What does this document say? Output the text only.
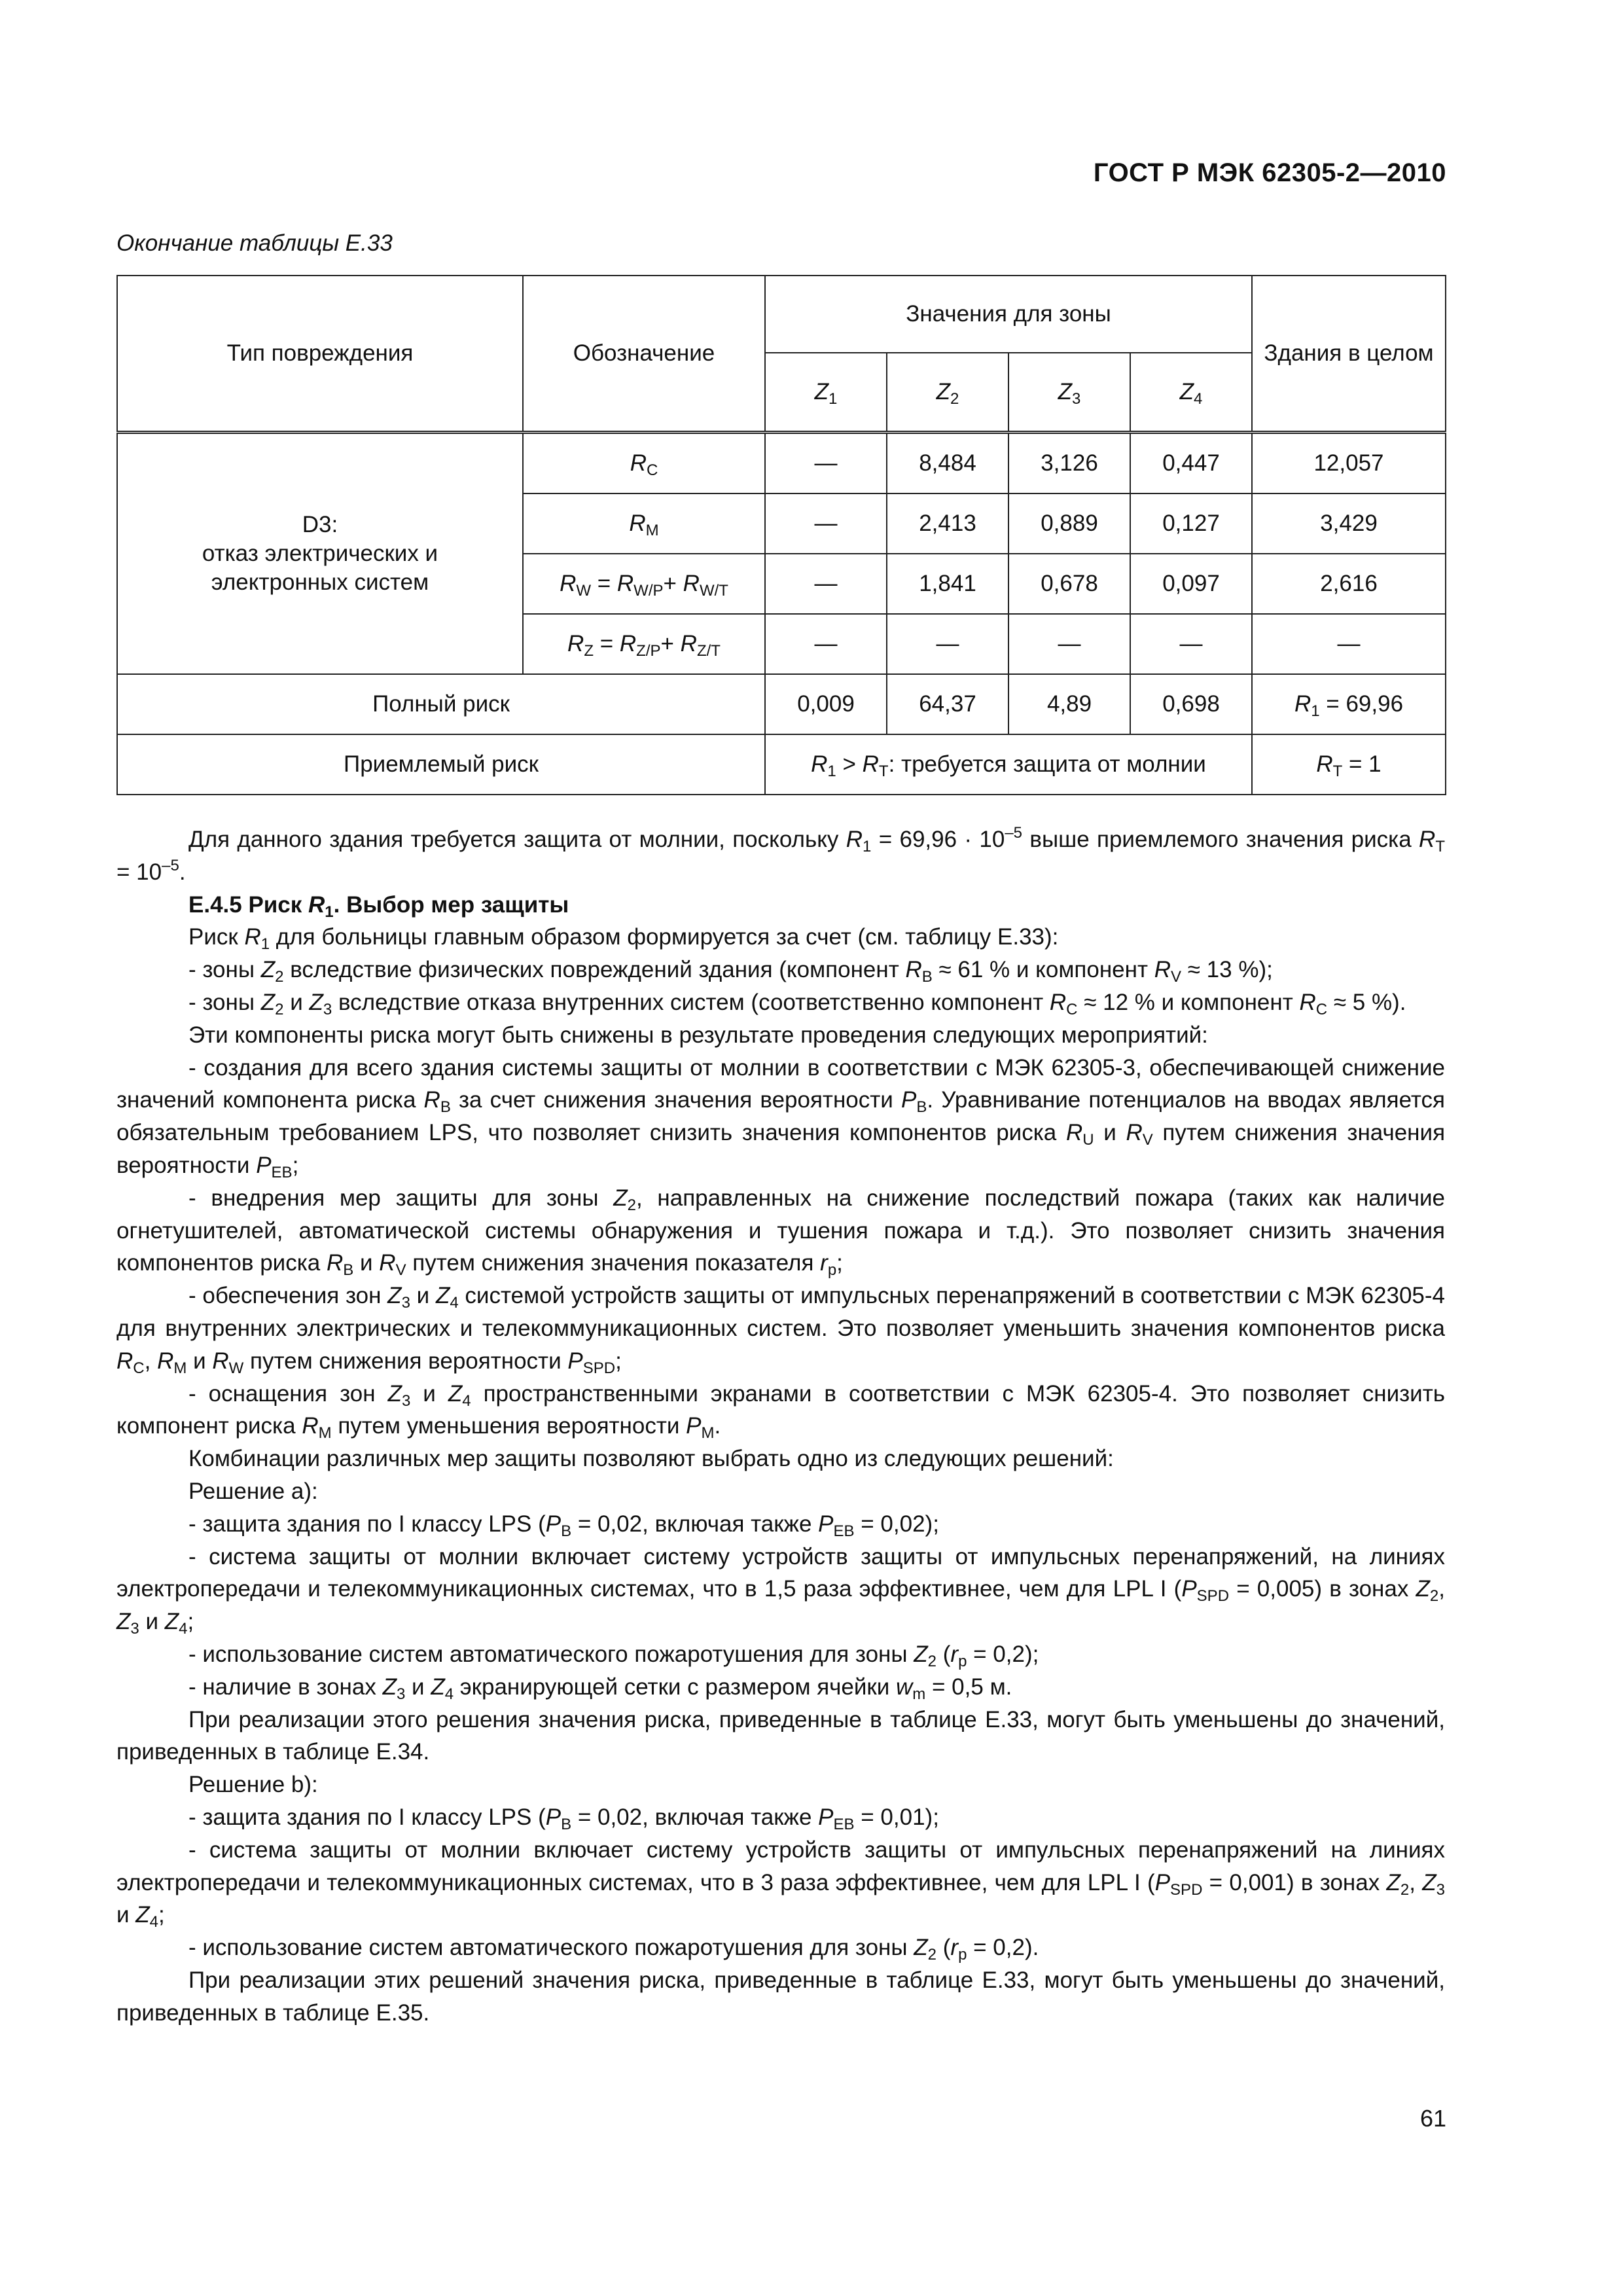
ГОСТ Р МЭК 62305-2—2010
Окончание таблицы Е.33
Тип повреждения	Обозначение	Значения для зоны				Здания в целом
		$Z_1$	$Z_2$	$Z_3$	$Z_4$
D3:
отказ электрических и
электронных систем	$R_C$	—	8,484	3,126	0,447	12,057
	$R_M$	—	2,413	0,889	0,127	3,429
	$R_W = R_{W/P}+ R_{W/T}$	—	1,841	0,678	0,097	2,616
	$R_Z = R_{Z/P}+ R_{Z/T}$	—	—	—	—	—
Полный риск		0,009	64,37	4,89	0,698	$R_1 = 69,96$
Приемлемый риск		$R_1 > R_T$: требуется защита от молнии				$R_T = 1$

Для данного здания требуется защита от молнии, поскольку $R_1 = 69,96 \cdot 10^{-5}$ выше приемлемого значения риска $R_T = 10^{-5}$.

Е.4.5 Риск $R_1$. Выбор мер защиты

Риск $R_1$ для больницы главным образом формируется за счет (см. таблицу Е.33):

- зоны $Z_2$ вследствие физических повреждений здания (компонент $R_B \approx 61$ % и компонент $R_V \approx 13$ %);

- зоны $Z_2$ и $Z_3$ вследствие отказа внутренних систем (соответственно компонент $R_C \approx 12$ % и компонент $R_C \approx 5$ %).

Эти компоненты риска могут быть снижены в результате проведения следующих мероприятий:

- создания для всего здания системы защиты от молнии в соответствии с МЭК 62305-3, обеспечивающей снижение значений компонента риска $R_B$ за счет снижения значения вероятности $P_B$. Уравнивание потенциалов на вводах является обязательным требованием LPS, что позволяет снизить значения компонентов риска $R_U$ и $R_V$ путем снижения значения вероятности $P_{EB}$;

- внедрения мер защиты для зоны $Z_2$, направленных на снижение последствий пожара (таких как наличие огнетушителей, автоматической системы обнаружения и тушения пожара и т.д.). Это позволяет снизить значения компонентов риска $R_B$ и $R_V$ путем снижения значения показателя $r_p$;

- обеспечения зон $Z_3$ и $Z_4$ системой устройств защиты от импульсных перенапряжений в соответствии с МЭК 62305-4 для внутренних электрических и телекоммуникационных систем. Это позволяет уменьшить значения компонентов риска $R_C$, $R_M$ и $R_W$ путем снижения вероятности $P_{SPD}$;

- оснащения зон $Z_3$ и $Z_4$ пространственными экранами в соответствии с МЭК 62305-4. Это позволяет снизить компонент риска $R_M$ путем уменьшения вероятности $P_M$.

Комбинации различных мер защиты позволяют выбрать одно из следующих решений:

Решение а):

- защита здания по I классу LPS ($P_B = 0,02$, включая также $P_{EB} = 0,02$);

- система защиты от молнии включает систему устройств защиты от импульсных перенапряжений, на линиях электропередачи и телекоммуникационных системах, что в 1,5 раза эффективнее, чем для LPL I $(P_{SPD} = 0,005)$ в зонах $Z_2$, $Z_3$ и $Z_4$;

- использование систем автоматического пожаротушения для зоны $Z_2$ $(r_p = 0,2)$;

- наличие в зонах $Z_3$ и $Z_4$ экранирующей сетки с размером ячейки $w_m = 0,5$ м.

При реализации этого решения значения риска, приведенные в таблице Е.33, могут быть уменьшены до значений, приведенных в таблице Е.34.

Решение b):

- защита здания по I классу LPS ($P_B = 0,02$, включая также $P_{EB} = 0,01$);

- система защиты от молнии включает систему устройств защиты от импульсных перенапряжений на линиях электропередачи и телекоммуникационных системах, что в 3 раза эффективнее, чем для LPL I $(P_{SPD} = 0,001)$ в зонах $Z_2$, $Z_3$ и $Z_4$;

- использование систем автоматического пожаротушения для зоны $Z_2$ $(r_p = 0,2)$.

При реализации этих решений значения риска, приведенные в таблице Е.33, могут быть уменьшены до значений, приведенных в таблице Е.35.

61
